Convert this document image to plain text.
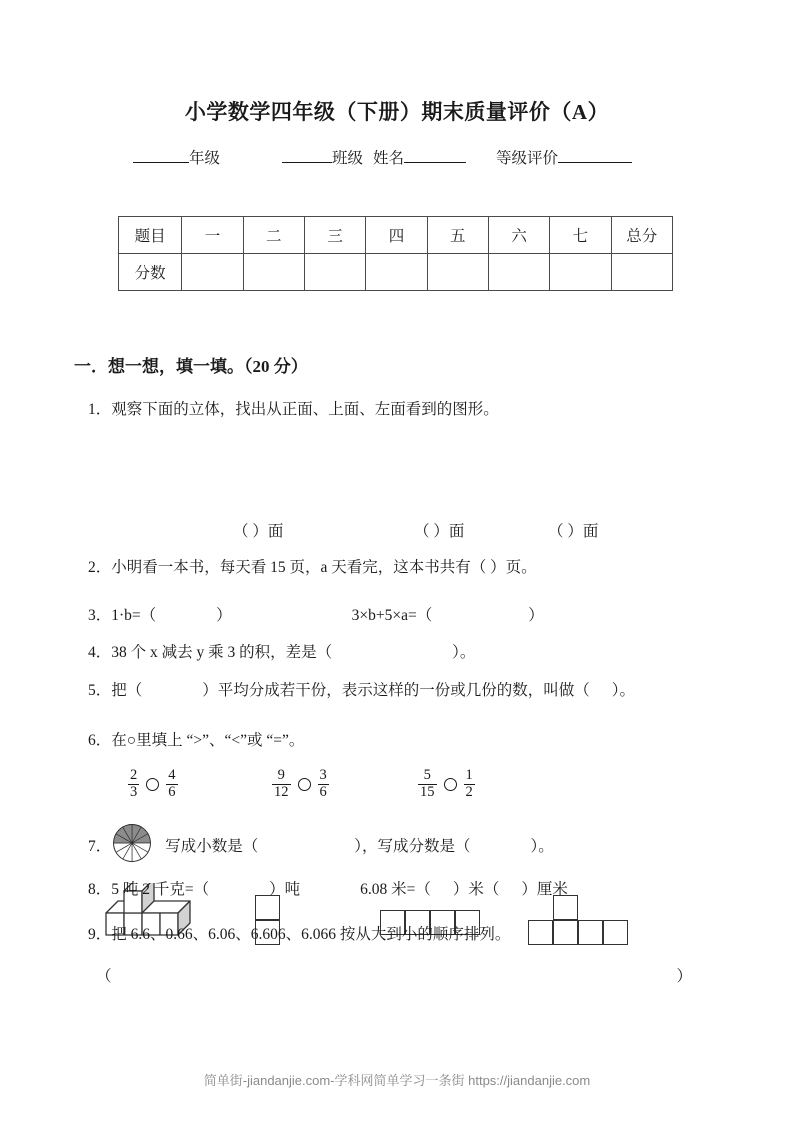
小学数学四年级（下册）期末质量评价（A）
年级	班级 姓名	等级评价
题目	一	二	三	四	五	六	七	总分
分数								
一．想一想，填一填。（20 分）
1．观察下面的立体，找出从正面、上面、左面看到的图形。
（ ）面	（ ）面	（ ）面
2．小明看一本书，每天看 15 页，a 天看完，这本书共有（ ）页。
3．1·b=（	）	3×b+5×a=（	）
4．38 个 x 减去 y 乘 3 的积，差是（	）。
5．把（	）平均分成若干份，表示这样的一份或几份的数，叫做（ ）。
6．在○里填上 “>”、“<”或 “=”。
$\frac{2}{3} \frac{4}{6}$	$\frac{9}{12} \frac{3}{6}$	$\frac{5}{15} \frac{1}{2}$
7．	写成小数是（	），写成分数是（	）。
8．5 吨 2 千克=（	）吨	6.08 米=（ ）米（ ）厘米
9．把 6.6、0.66、6.06、6.606、6.066 按从大到小的顺序排列。
（	）
简单街-jiandanjie.com-学科网简单学习一条街 https://jiandanjie.com
